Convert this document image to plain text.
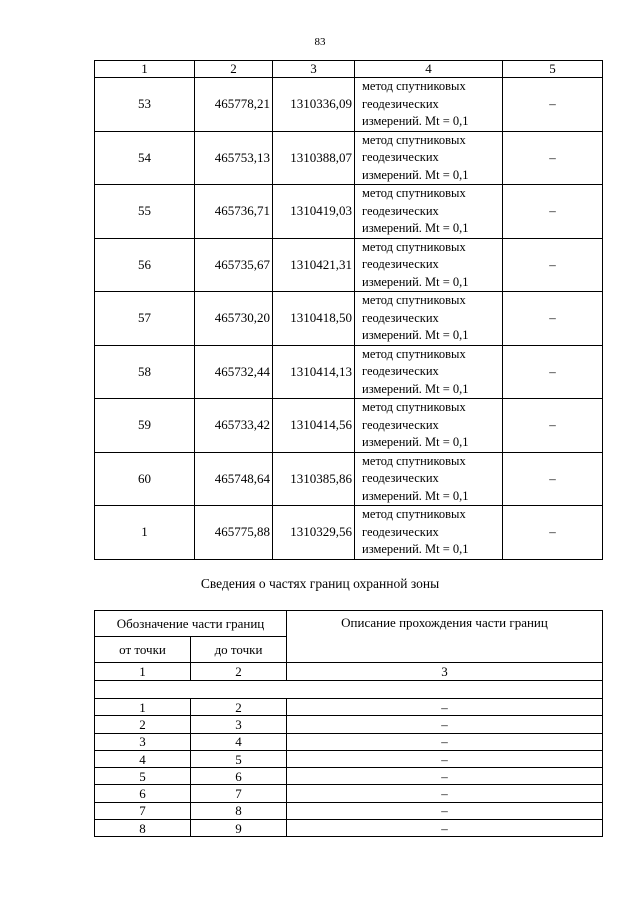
83
1	2	3	4	5
53	465778,21	1310336,09	метод спутниковых
геодезических
измерений. Mt = 0,1	–
54	465753,13	1310388,07	метод спутниковых
геодезических
измерений. Mt = 0,1	–
55	465736,71	1310419,03	метод спутниковых
геодезических
измерений. Mt = 0,1	–
56	465735,67	1310421,31	метод спутниковых
геодезических
измерений. Mt = 0,1	–
57	465730,20	1310418,50	метод спутниковых
геодезических
измерений. Mt = 0,1	–
58	465732,44	1310414,13	метод спутниковых
геодезических
измерений. Mt = 0,1	–
59	465733,42	1310414,56	метод спутниковых
геодезических
измерений. Mt = 0,1	–
60	465748,64	1310385,86	метод спутниковых
геодезических
измерений. Mt = 0,1	–
1	465775,88	1310329,56	метод спутниковых
геодезических
измерений. Mt = 0,1	–
Сведения о частях границ охранной зоны
Обозначение части границ		Описание прохождения части границ
от точки	до точки	
1	2	3

1	2	–
2	3	–
3	4	–
4	5	–
5	6	–
6	7	–
7	8	–
8	9	–
